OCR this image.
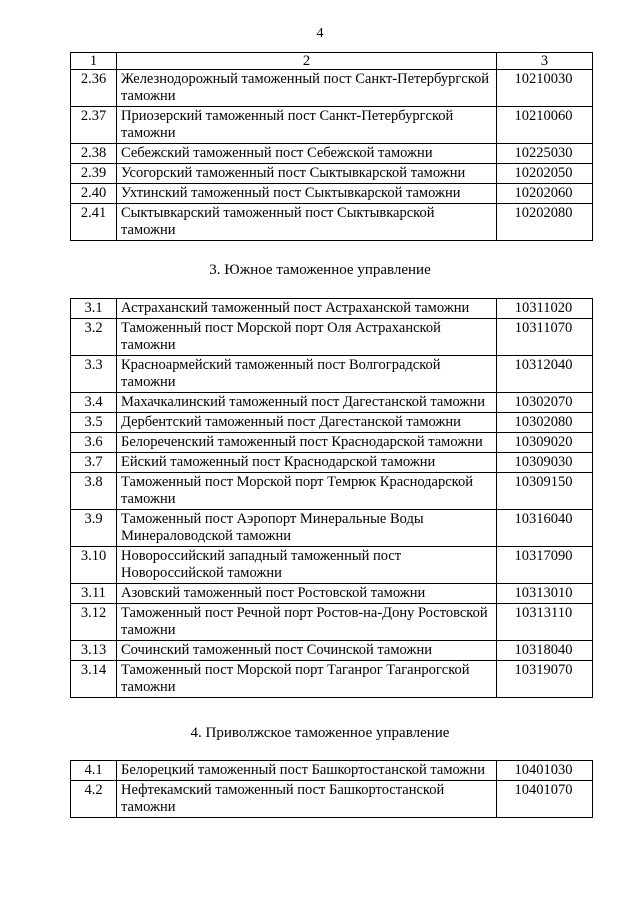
4
1	2	3
2.36	Железнодорожный таможенный пост Санкт-Петербургской таможни	10210030
2.37	Приозерский таможенный пост Санкт-Петербургской таможни	10210060
2.38	Себежский таможенный пост Себежской таможни	10225030
2.39	Усогорский таможенный пост Сыктывкарской таможни	10202050
2.40	Ухтинский таможенный пост Сыктывкарской таможни	10202060
2.41	Сыктывкарский таможенный пост Сыктывкарской таможни	10202080
3. Южное таможенное управление
3.1	Астраханский таможенный пост Астраханской таможни	10311020
3.2	Таможенный пост Морской порт Оля Астраханской таможни	10311070
3.3	Красноармейский таможенный пост Волгоградской таможни	10312040
3.4	Махачкалинский таможенный пост Дагестанской таможни	10302070
3.5	Дербентский таможенный пост Дагестанской таможни	10302080
3.6	Белореченский таможенный пост Краснодарской таможни	10309020
3.7	Ейский таможенный пост Краснодарской таможни	10309030
3.8	Таможенный пост Морской порт Темрюк Краснодарской таможни	10309150
3.9	Таможенный пост Аэропорт Минеральные Воды Минераловодской таможни	10316040
3.10	Новороссийский западный таможенный пост Новороссийской таможни	10317090
3.11	Азовский таможенный пост Ростовской таможни	10313010
3.12	Таможенный пост Речной порт Ростов-на-Дону Ростовской таможни	10313110
3.13	Сочинский таможенный пост Сочинской таможни	10318040
3.14	Таможенный пост Морской порт Таганрог Таганрогской таможни	10319070
4. Приволжское таможенное управление
4.1	Белорецкий таможенный пост Башкортостанской таможни	10401030
4.2	Нефтекамский таможенный пост Башкортостанской таможни	10401070
